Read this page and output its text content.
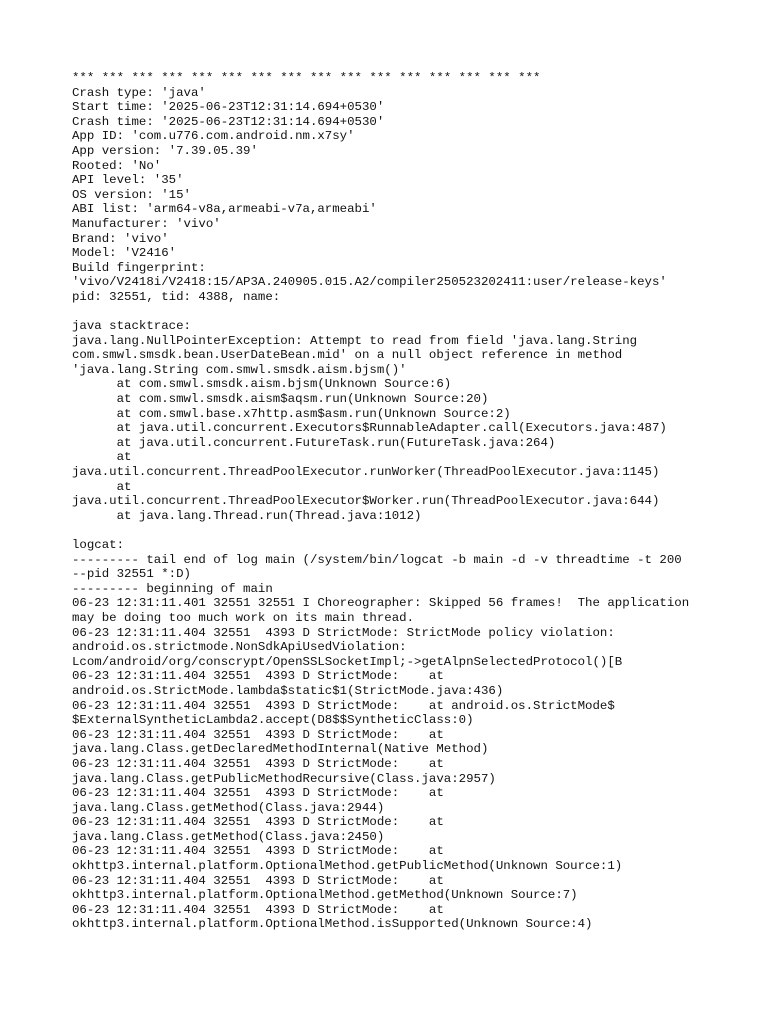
*** *** *** *** *** *** *** *** *** *** *** *** *** *** *** ***
Crash type: 'java'
Start time: '2025-06-23T12:31:14.694+0530'
Crash time: '2025-06-23T12:31:14.694+0530'
App ID: 'com.u776.com.android.nm.x7sy'
App version: '7.39.05.39'
Rooted: 'No'
API level: '35'
OS version: '15'
ABI list: 'arm64-v8a,armeabi-v7a,armeabi'
Manufacturer: 'vivo'
Brand: 'vivo'
Model: 'V2416'
Build fingerprint:
'vivo/V2418i/V2418:15/AP3A.240905.015.A2/compiler250523202411:user/release-keys'
pid: 32551, tid: 4388, name:
java stacktrace:
java.lang.NullPointerException: Attempt to read from field 'java.lang.String
com.smwl.smsdk.bean.UserDateBean.mid' on a null object reference in method
'java.lang.String com.smwl.smsdk.aism.bjsm()'
at com.smwl.smsdk.aism.bjsm(Unknown Source:6)
at com.smwl.smsdk.aism$aqsm.run(Unknown Source:20)
at com.smwl.base.x7http.asm$asm.run(Unknown Source:2)
at java.util.concurrent.Executors$RunnableAdapter.call(Executors.java:487)
at java.util.concurrent.FutureTask.run(FutureTask.java:264)
at
java.util.concurrent.ThreadPoolExecutor.runWorker(ThreadPoolExecutor.java:1145)
at
java.util.concurrent.ThreadPoolExecutor$Worker.run(ThreadPoolExecutor.java:644)
at java.lang.Thread.run(Thread.java:1012)
logcat:
--------- tail end of log main (/system/bin/logcat -b main -d -v threadtime -t 200
--pid 32551 *:D)
--------- beginning of main
06-23 12:31:11.401 32551 32551 I Choreographer: Skipped 56 frames!  The application
may be doing too much work on its main thread.
06-23 12:31:11.404 32551  4393 D StrictMode: StrictMode policy violation:
android.os.strictmode.NonSdkApiUsedViolation:
Lcom/android/org/conscrypt/OpenSSLSocketImpl;->getAlpnSelectedProtocol()[B
06-23 12:31:11.404 32551  4393 D StrictMode:    at
android.os.StrictMode.lambda$static$1(StrictMode.java:436)
06-23 12:31:11.404 32551  4393 D StrictMode:    at android.os.StrictMode$
$ExternalSyntheticLambda2.accept(D8$$SyntheticClass:0)
06-23 12:31:11.404 32551  4393 D StrictMode:    at
java.lang.Class.getDeclaredMethodInternal(Native Method)
06-23 12:31:11.404 32551  4393 D StrictMode:    at
java.lang.Class.getPublicMethodRecursive(Class.java:2957)
06-23 12:31:11.404 32551  4393 D StrictMode:    at
java.lang.Class.getMethod(Class.java:2944)
06-23 12:31:11.404 32551  4393 D StrictMode:    at
java.lang.Class.getMethod(Class.java:2450)
06-23 12:31:11.404 32551  4393 D StrictMode:    at
okhttp3.internal.platform.OptionalMethod.getPublicMethod(Unknown Source:1)
06-23 12:31:11.404 32551  4393 D StrictMode:    at
okhttp3.internal.platform.OptionalMethod.getMethod(Unknown Source:7)
06-23 12:31:11.404 32551  4393 D StrictMode:    at
okhttp3.internal.platform.OptionalMethod.isSupported(Unknown Source:4)
